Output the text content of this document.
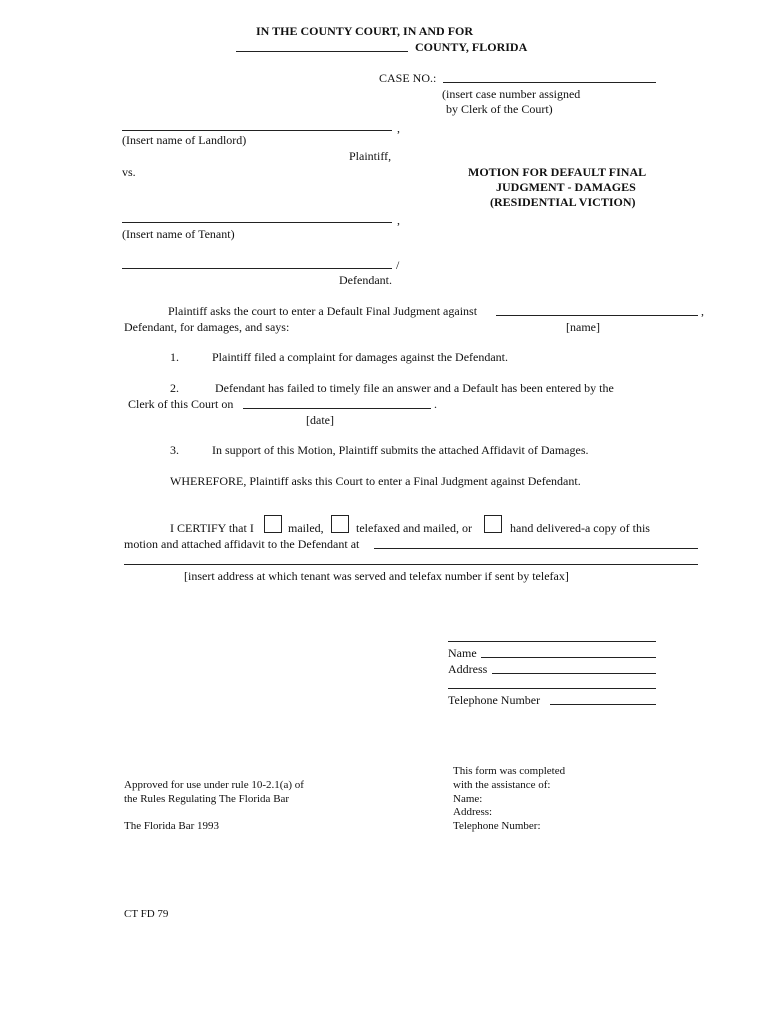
IN THE COUNTY COURT, IN AND FOR
COUNTY, FLORIDA
CASE NO.:
(insert case number assigned
by Clerk of the Court)
,
(Insert name of Landlord)
Plaintiff,
vs.	MOTION FOR DEFAULT FINAL
JUDGMENT - DAMAGES
(RESIDENTIAL VICTION)
,
(Insert name of Tenant)
/
Defendant.
Plaintiff asks the court to enter a Default Final Judgment against	,
Defendant, for damages, and says:	[name]
1.	Plaintiff filed a complaint for damages against the Defendant.
2.	Defendant has failed to timely file an answer and a Default has been entered by the
Clerk of this Court on	.
[date]
3.	In support of this Motion, Plaintiff submits the attached Affidavit of Damages.
WHEREFORE, Plaintiff asks this Court to enter a Final Judgment against Defendant.
I CERTIFY that I	mailed,	telefaxed and mailed, or	hand delivered-a copy of this
motion and attached affidavit to the Defendant at
[insert address at which tenant was served and telefax number if sent by telefax]
Name
Address
Telephone Number
Approved for use under rule 10-2.1(a) of
the Rules Regulating The Florida Bar
The Florida Bar 1993
This form was completed
with the assistance of:
Name:
Address:
Telephone Number:
CT FD 79
